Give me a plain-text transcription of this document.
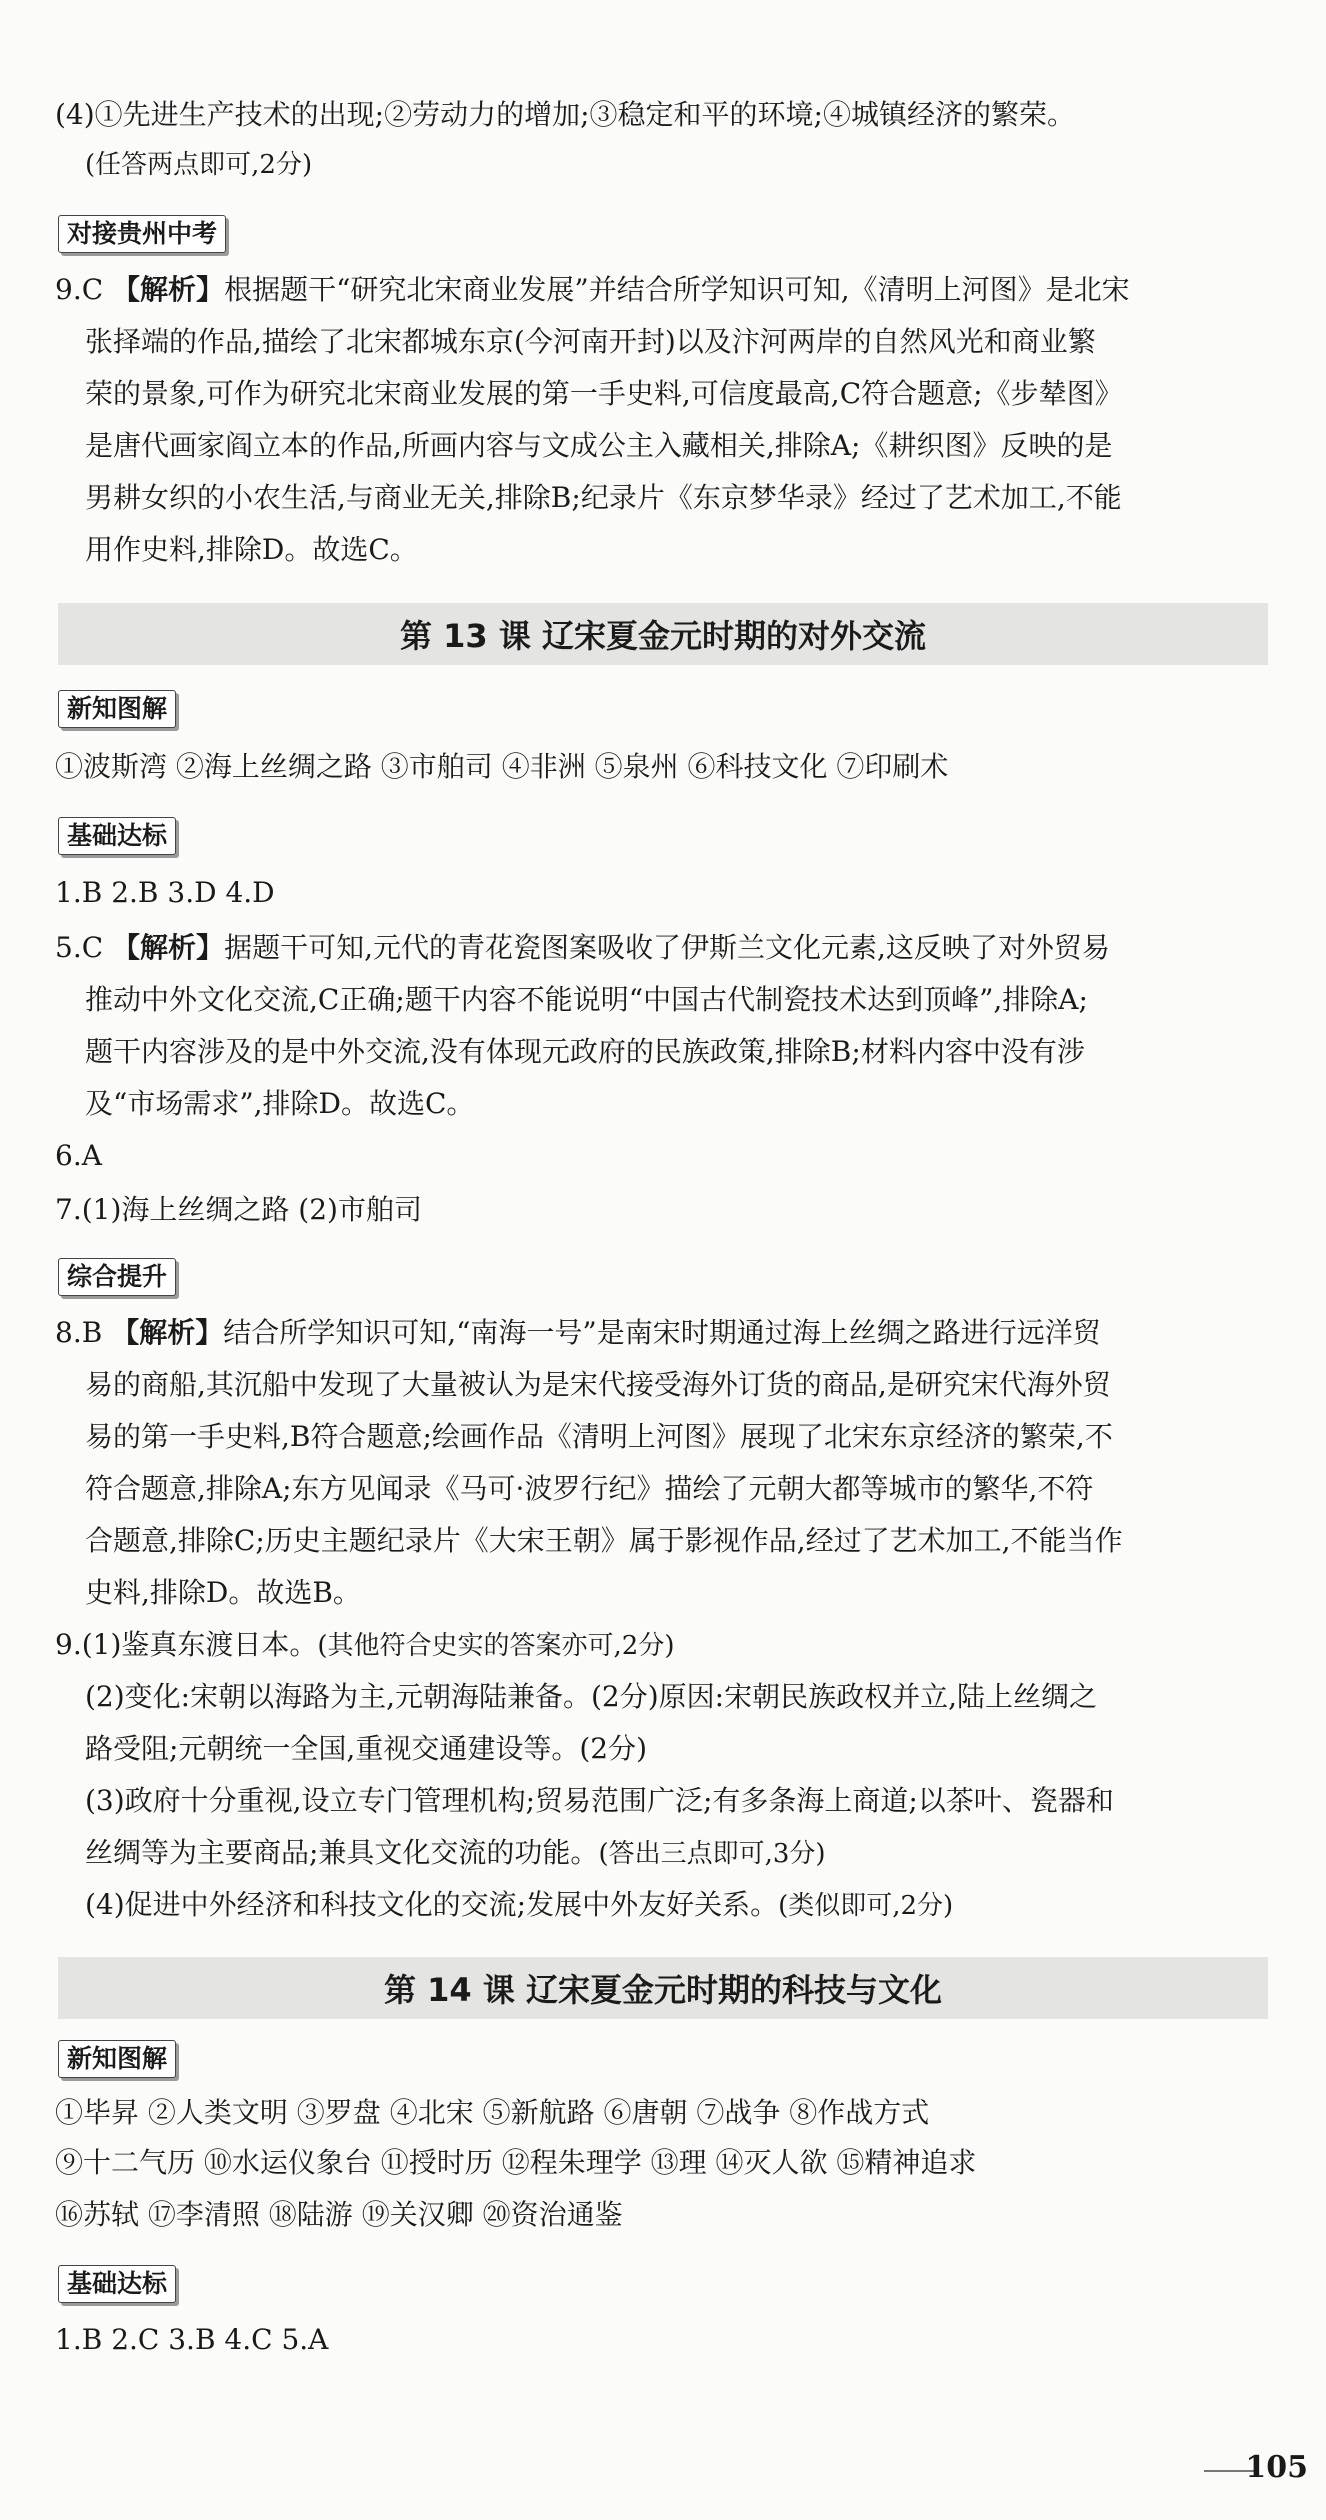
(4)①先进生产技术的出现;②劳动力的增加;③稳定和平的环境;④城镇经济的繁荣。
(任答两点即可,2分)
对接贵州中考
9.C 【解析】根据题干“研究北宋商业发展”并结合所学知识可知,《清明上河图》是北宋
张择端的作品,描绘了北宋都城东京(今河南开封)以及汴河两岸的自然风光和商业繁
荣的景象,可作为研究北宋商业发展的第一手史料,可信度最高,C符合题意;《步辇图》
是唐代画家阎立本的作品,所画内容与文成公主入藏相关,排除A;《耕织图》反映的是
男耕女织的小农生活,与商业无关,排除B;纪录片《东京梦华录》经过了艺术加工,不能
用作史料,排除D。故选C。
第 13 课 辽宋夏金元时期的对外交流
新知图解
①波斯湾 ②海上丝绸之路 ③市舶司 ④非洲 ⑤泉州 ⑥科技文化 ⑦印刷术
基础达标
1.B 2.B 3.D 4.D
5.C 【解析】据题干可知,元代的青花瓷图案吸收了伊斯兰文化元素,这反映了对外贸易
推动中外文化交流,C正确;题干内容不能说明“中国古代制瓷技术达到顶峰”,排除A;
题干内容涉及的是中外交流,没有体现元政府的民族政策,排除B;材料内容中没有涉
及“市场需求”,排除D。故选C。
6.A
7.(1)海上丝绸之路 (2)市舶司
综合提升
8.B 【解析】结合所学知识可知,“南海一号”是南宋时期通过海上丝绸之路进行远洋贸
易的商船,其沉船中发现了大量被认为是宋代接受海外订货的商品,是研究宋代海外贸
易的第一手史料,B符合题意;绘画作品《清明上河图》展现了北宋东京经济的繁荣,不
符合题意,排除A;东方见闻录《马可·波罗行纪》描绘了元朝大都等城市的繁华,不符
合题意,排除C;历史主题纪录片《大宋王朝》属于影视作品,经过了艺术加工,不能当作
史料,排除D。故选B。
9.(1)鉴真东渡日本。(其他符合史实的答案亦可,2分)
(2)变化:宋朝以海路为主,元朝海陆兼备。(2分)原因:宋朝民族政权并立,陆上丝绸之
路受阻;元朝统一全国,重视交通建设等。(2分)
(3)政府十分重视,设立专门管理机构;贸易范围广泛;有多条海上商道;以茶叶、瓷器和
丝绸等为主要商品;兼具文化交流的功能。(答出三点即可,3分)
(4)促进中外经济和科技文化的交流;发展中外友好关系。(类似即可,2分)
第 14 课 辽宋夏金元时期的科技与文化
新知图解
①毕昇 ②人类文明 ③罗盘 ④北宋 ⑤新航路 ⑥唐朝 ⑦战争 ⑧作战方式
⑨十二气历 ⑩水运仪象台 ⑪授时历 ⑫程朱理学 ⑬理 ⑭灭人欲 ⑮精神追求
⑯苏轼 ⑰李清照 ⑱陆游 ⑲关汉卿 ⑳资治通鉴
基础达标
1.B 2.C 3.B 4.C 5.A
105
